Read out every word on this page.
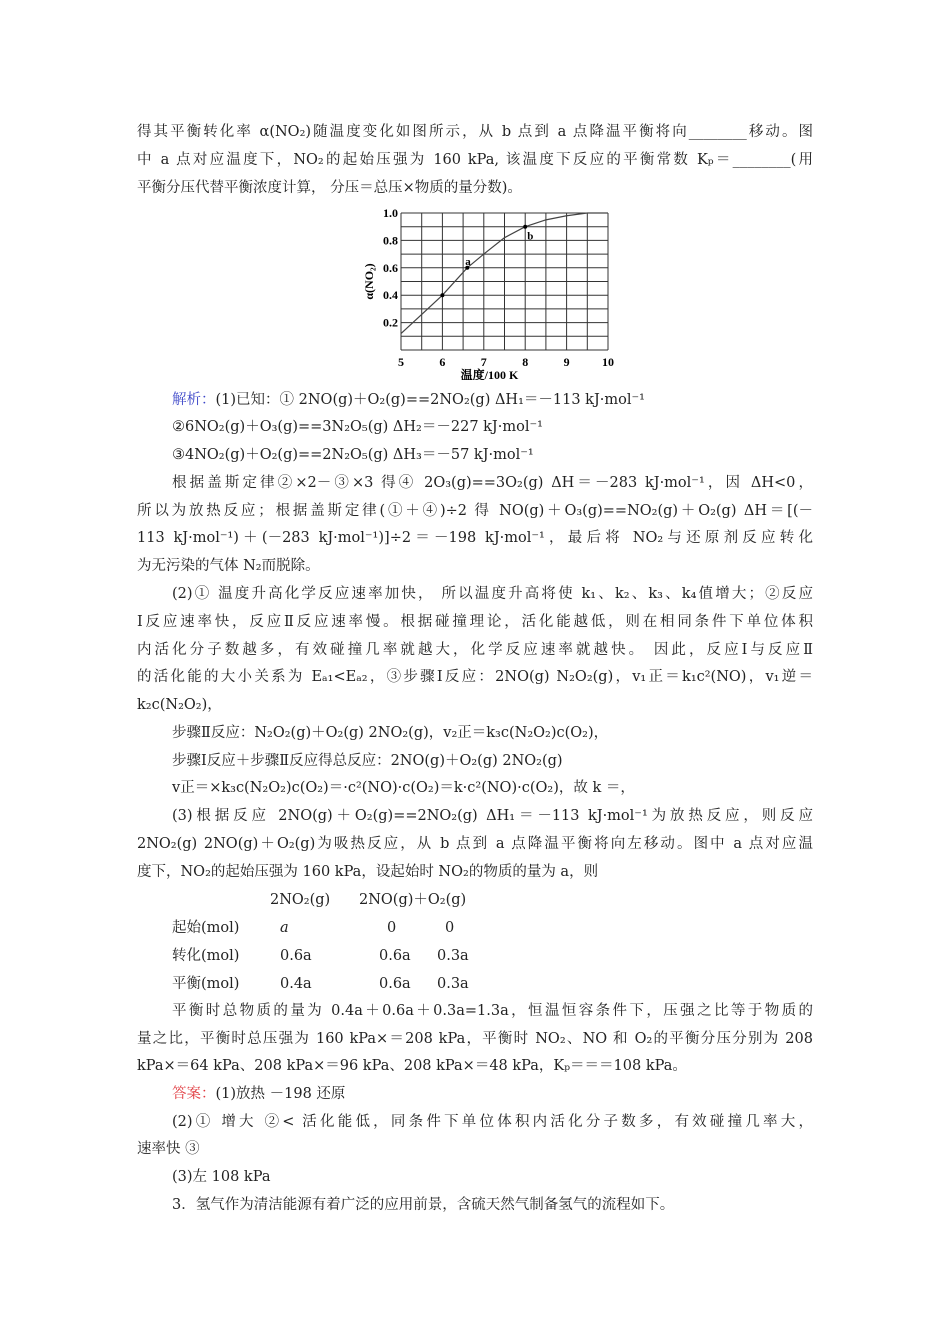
得其平衡转化率 α(NO₂)随温度变化如图所示，从 b 点到 a 点降温平衡将向________移动。图
中 a 点对应温度下，NO₂的起始压强为 160 kPa, 该温度下反应的平衡常数 Kₚ＝________(用
平衡分压代替平衡浓度计算， 分压＝总压×物质的量分数)。
a
b
5	6	7	8	9	10
0.2
0.4
0.6
0.8
1.0
温度/100 K
α(NO₂)
解析：(1)已知：① 2NO(g)＋O₂(g)==2NO₂(g) ΔH₁＝－113 kJ·mol⁻¹
②6NO₂(g)＋O₃(g)==3N₂O₅(g) ΔH₂＝－227 kJ·mol⁻¹
③4NO₂(g)＋O₂(g)==2N₂O₅(g) ΔH₃＝－57 kJ·mol⁻¹
根据盖斯定律②×2－③×3 得④ 2O₃(g)==3O₂(g) ΔH＝－283 kJ·mol⁻¹，因 ΔH<0，
所以为放热反应；根据盖斯定律(①＋④)÷2 得 NO(g)＋O₃(g)==NO₂(g)＋O₂(g) ΔH＝[(－
113 kJ·mol⁻¹)＋(－283 kJ·mol⁻¹)]÷2＝－198 kJ·mol⁻¹，最后将 NO₂与还原剂反应转化
为无污染的气体 N₂而脱除。
(2)① 温度升高化学反应速率加快， 所以温度升高将使 k₁、k₂、k₃、k₄值增大；②反应
Ⅰ反应速率快，反应Ⅱ反应速率慢。根据碰撞理论，活化能越低，则在相同条件下单位体积
内活化分子数越多，有效碰撞几率就越大，化学反应速率就越快。 因此，反应Ⅰ与反应Ⅱ
的活化能的大小关系为 Eₐ₁<Eₐ₂，③步骤Ⅰ反应：2NO(g) N₂O₂(g)，v₁正＝k₁c²(NO)，v₁逆＝
k₂c(N₂O₂)，
步骤Ⅱ反应：N₂O₂(g)＋O₂(g) 2NO₂(g)，v₂正＝k₃c(N₂O₂)c(O₂)，
步骤Ⅰ反应＋步骤Ⅱ反应得总反应：2NO(g)＋O₂(g) 2NO₂(g)
v正＝×k₃c(N₂O₂)c(O₂)＝·c²(NO)·c(O₂)＝k·c²(NO)·c(O₂)，故 k ＝，
(3)根据反应 2NO(g)＋O₂(g)==2NO₂(g) ΔH₁＝－113 kJ·mol⁻¹为放热反应，则反应
2NO₂(g) 2NO(g)＋O₂(g)为吸热反应，从 b 点到 a 点降温平衡将向左移动。图中 a 点对应温
度下，NO₂的起始压强为 160 kPa，设起始时 NO₂的物质的量为 a，则
2NO₂(g) 2NO(g)＋O₂(g)
起始(mol)	a	0	0
转化(mol)	0.6a	0.6a 0.3a
平衡(mol)	0.4a	0.6a 0.3a
平衡时总物质的量为 0.4a＋0.6a＋0.3a=1.3a，恒温恒容条件下，压强之比等于物质的
量之比，平衡时总压强为 160 kPa×＝208 kPa，平衡时 NO₂、NO 和 O₂的平衡分压分别为 208
kPa×＝64 kPa、208 kPa×＝96 kPa、208 kPa×＝48 kPa，Kₚ＝＝＝108 kPa。
答案：(1)放热 －198 还原
(2)① 增大 ②< 活化能低，同条件下单位体积内活化分子数多，有效碰撞几率大，
速率快 ③
(3)左 108 kPa
3．氢气作为清洁能源有着广泛的应用前景，含硫天然气制备氢气的流程如下。
